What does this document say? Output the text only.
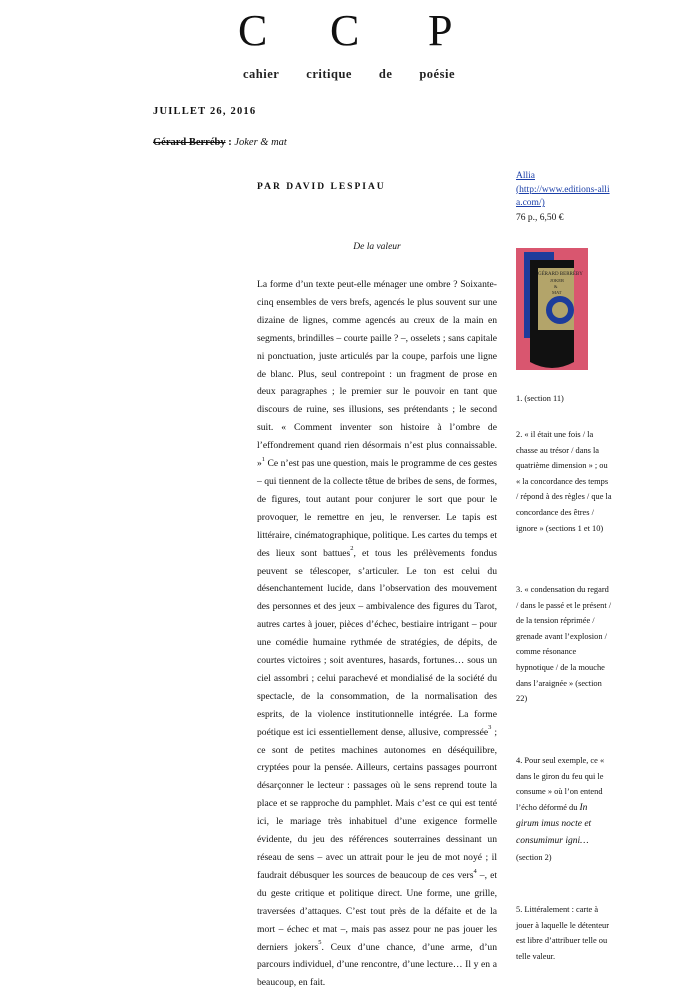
C C P
cahier critique de poésie
JUILLET 26, 2016
Gérard Berréby : Joker & mat
PAR DAVID LESPIAU
De la valeur
La forme d’un texte peut-elle ménager une ombre ? Soixante-cinq ensembles de vers brefs, agencés le plus souvent sur une dizaine de lignes, comme agencés au creux de la main en segments, brindilles – courte paille ? –, osselets ; sans capitale ni ponctuation, juste articulés par la coupe, parfois une ligne de blanc. Plus, seul contrepoint : un fragment de prose en deux paragraphes ; le premier sur le pouvoir en tant que discours de ruine, ses illusions, ses prétendants ; le second suit. « Comment inventer son histoire à l’ombre de l’effondrement quand rien désormais n’est plus connaissable. »$^1$ Ce n’est pas une question, mais le programme de ces gestes – qui tiennent de la collecte têtue de bribes de sens, de formes, de figures, tout autant pour conjurer le sort que pour le provoquer, le remettre en jeu, le renverser. Le tapis est littéraire, cinématographique, politique. Les cartes du temps et des lieux sont battues$^2$, et tous les prélèvements fondus peuvent se télescoper, s’articuler. Le ton est celui du désenchantement lucide, dans l’observation des mouvement des personnes et des jeux – ambivalence des figures du Tarot, autres cartes à jouer, pièces d’échec, bestiaire intrigant – pour une comédie humaine rythmée de stratégies, de dépits, de courtes victoires ; soit aventures, hasards, fortunes… sous un ciel assombri ; celui parachevé et mondialisé de la société du spectacle, de la consommation, de la normalisation des esprits, de la violence institutionnelle intégrée. La forme poétique est ici essentiellement dense, allusive, compressée$^3$ ; ce sont de petites machines autonomes en déséquilibre, cryptées pour la pensée. Ailleurs, certains passages pourront désarçonner le lecteur : passages où le sens reprend toute la place et se rapproche du pamphlet. Mais c’est ce qui est tenté ici, le mariage très inhabituel d’une exigence formelle évidente, du jeu des références souterraines dessinant un réseau de sens – avec un attrait pour le jeu de mot noyé ; il faudrait débusquer les sources de beaucoup de ces vers$^4$ –, et du geste critique et politique direct. Une forme, une grille, traversées d’attaques. C’est tout près de la défaite et de la mort – échec et mat –, mais pas assez pour ne pas jouer les derniers jokers$^5$. Ceux d’une chance, d’une arme, d’un parcours individuel, d’une rencontre, d’une lecture… Il y en a beaucoup, en fait.
Allia
(http://www.editions-allia.com/)
76 p., 6,50 €
GÉRARD BERRÉBY
JOKER
&
MAT
1. (section 11)
2. « il était une fois / la chasse au trésor / dans la quatrième dimension » ; ou « la concordance des temps / répond à des règles / que la concordance des êtres / ignore » (sections 1 et 10)
3. « condensation du regard / dans le passé et le présent / de la tension réprimée / grenade avant l’explosion / comme résonance hypnotique / de la mouche dans l’araignée » (section 22)
4. Pour seul exemple, ce « dans le giron du feu qui le consume » où l’on entend l’écho déformé du In girum imus nocte et consumimur igni… (section 2)
5. Littéralement : carte à jouer à laquelle le détenteur est libre d’attribuer telle ou telle valeur.
